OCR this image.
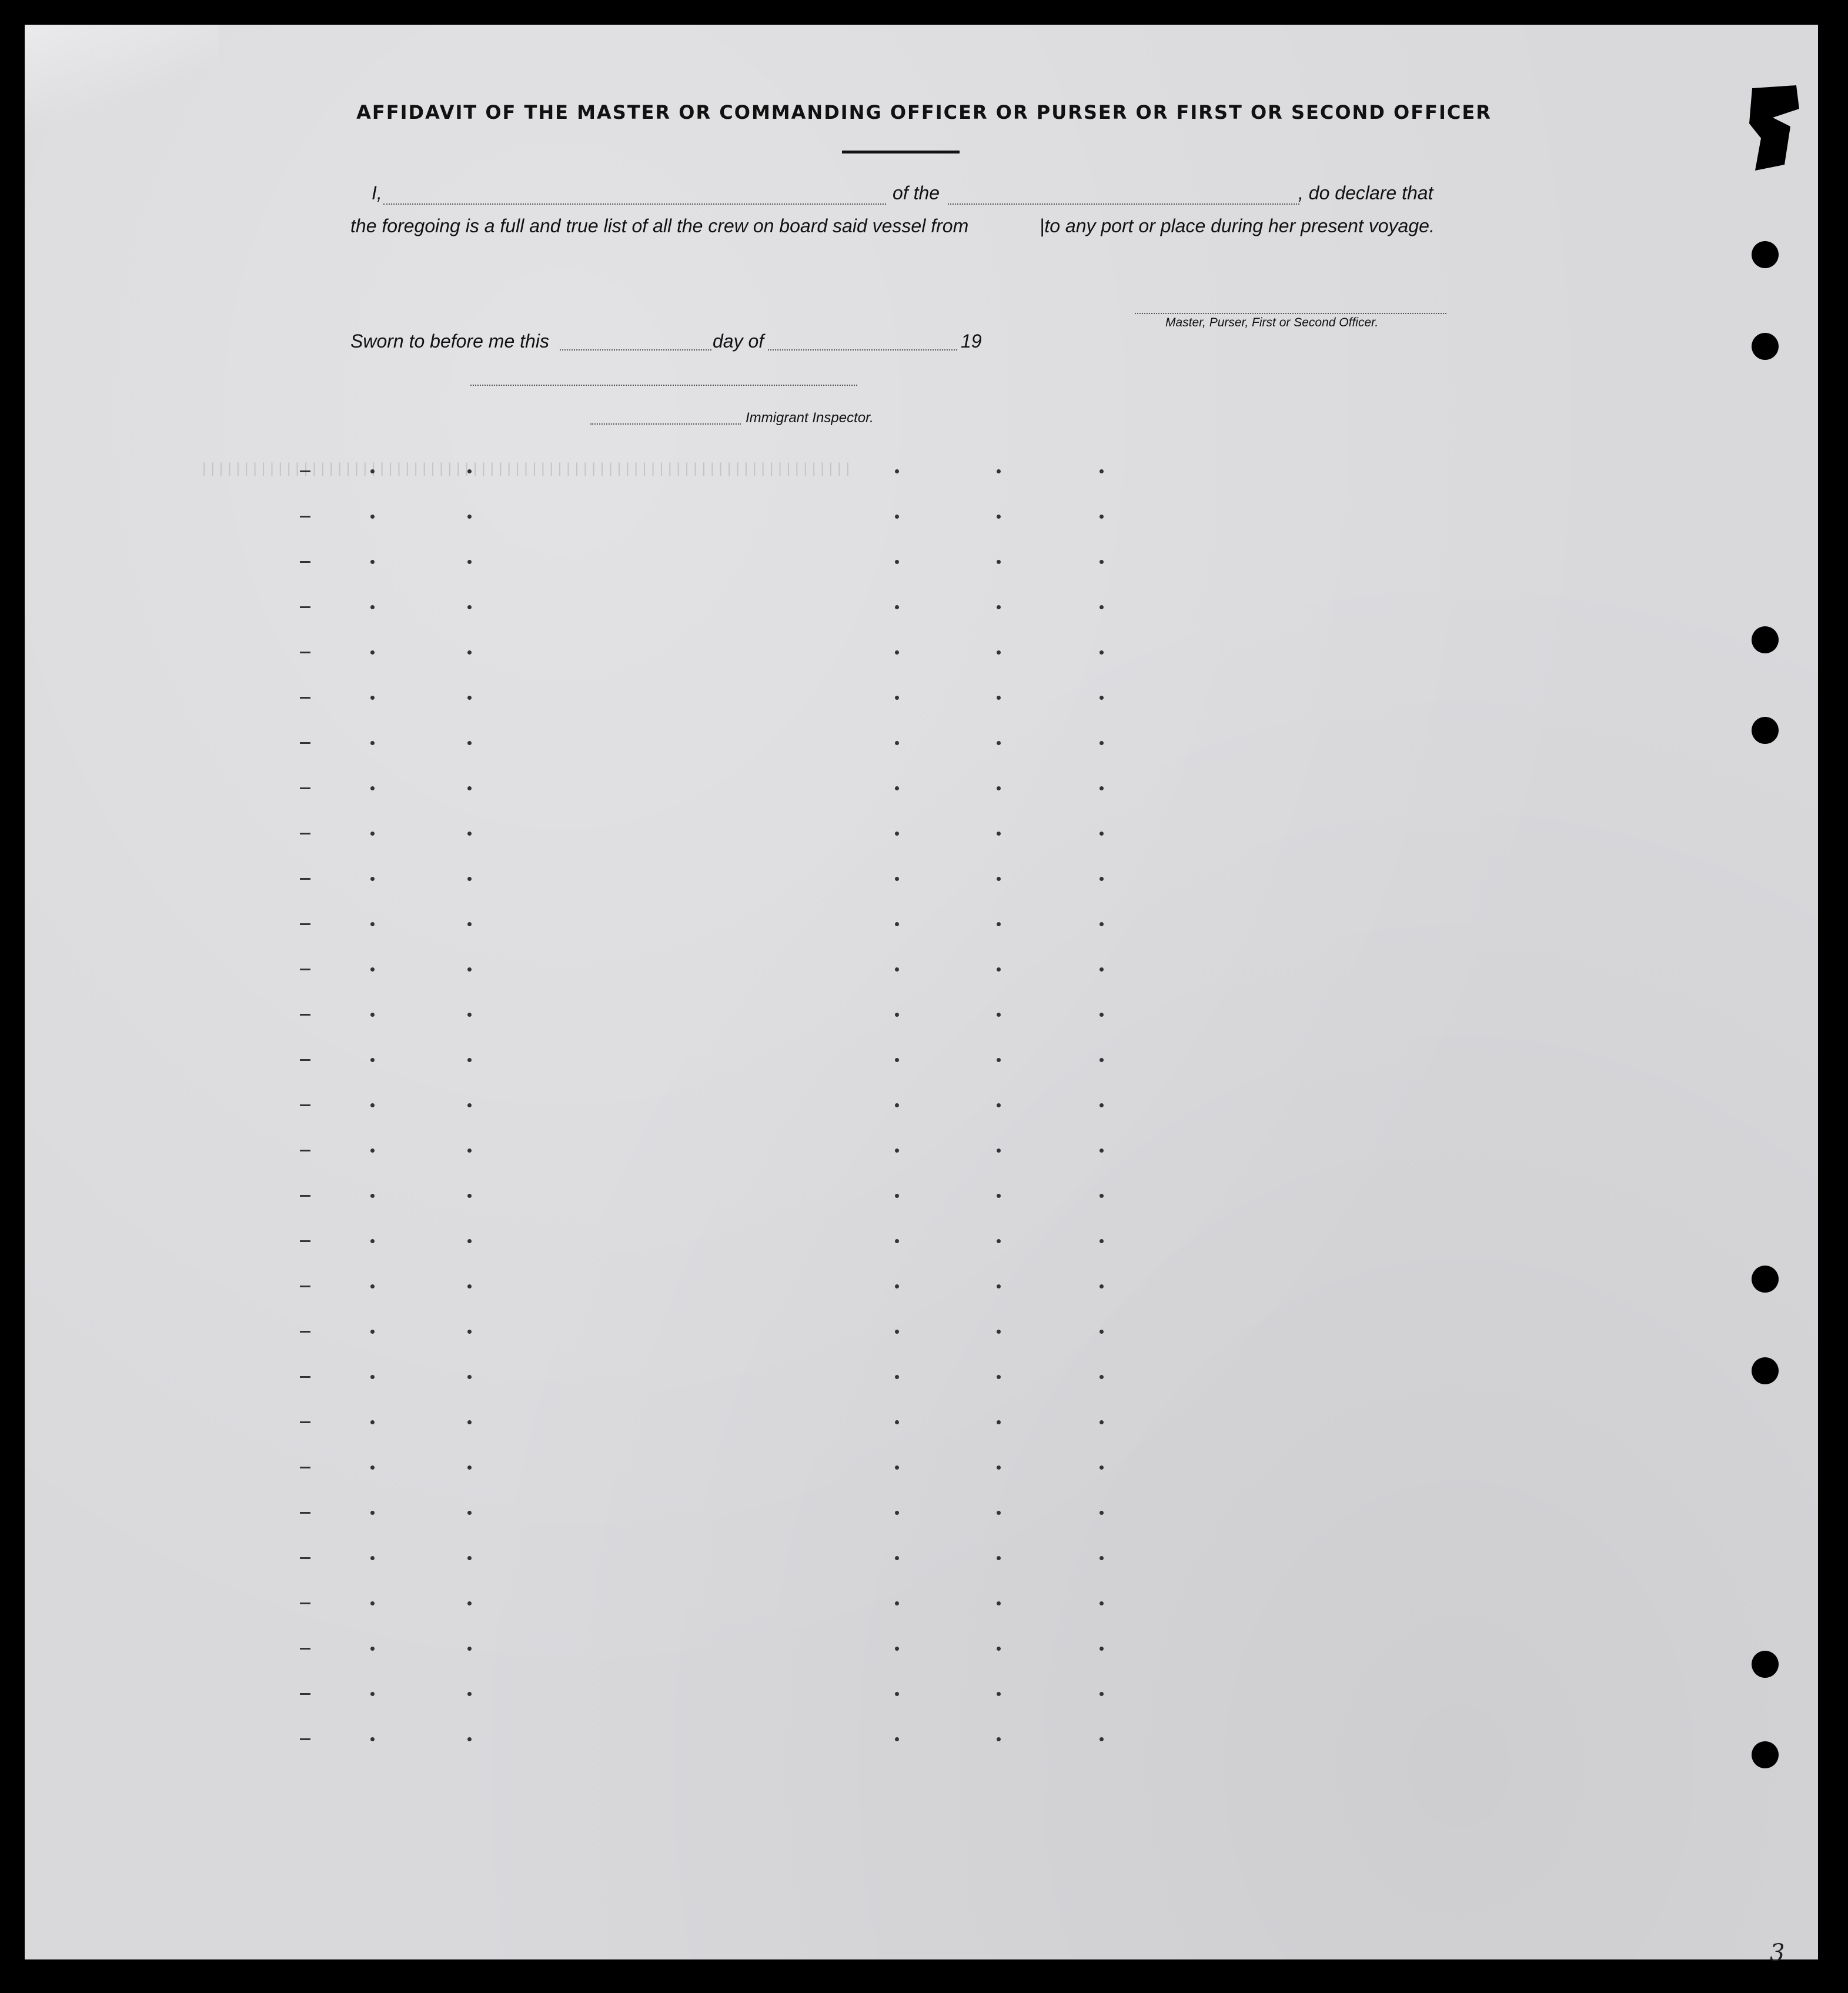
AFFIDAVIT OF THE MASTER OR COMMANDING OFFICER OR PURSER OR FIRST OR SECOND OFFICER
I,	of the	, do declare that
the foregoing is a full and true list of all the crew on board said vessel from	|to any port or place during her present voyage.
Master, Purser, First or Second Officer.
Sworn to before me this	day of	19
Immigrant Inspector.
|||||||||||||||||||||||||||||||||||||||||||||||||||||||||||||||||||||||||||||
3
